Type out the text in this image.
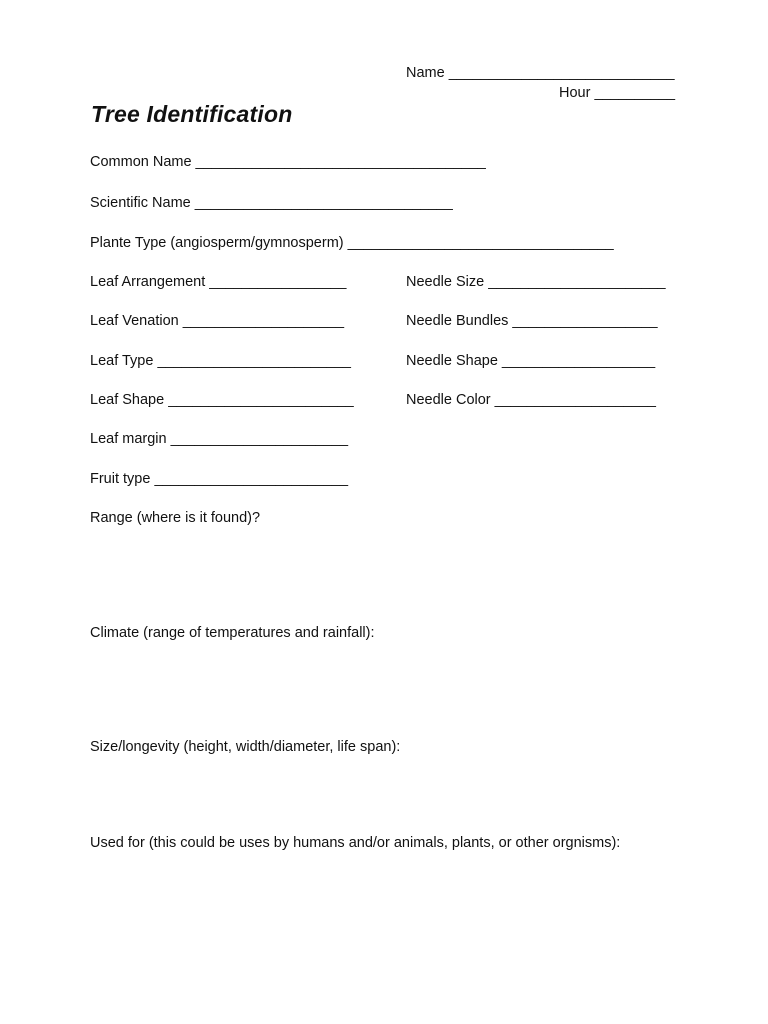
Name ____________________________
Hour __________
Tree Identification
Common Name ____________________________________
Scientific Name ________________________________
Plante Type (angiosperm/gymnosperm) _________________________________
Leaf Arrangement _________________
Leaf Venation ____________________
Leaf Type ________________________
Leaf Shape _______________________
Leaf margin ______________________
Fruit type ________________________
Needle Size ______________________
Needle Bundles __________________
Needle Shape ___________________
Needle Color ____________________
Range (where is it found)?
Climate (range of temperatures and rainfall):
Size/longevity (height, width/diameter, life span):
Used for (this could be uses by humans and/or animals, plants, or other orgnisms):
